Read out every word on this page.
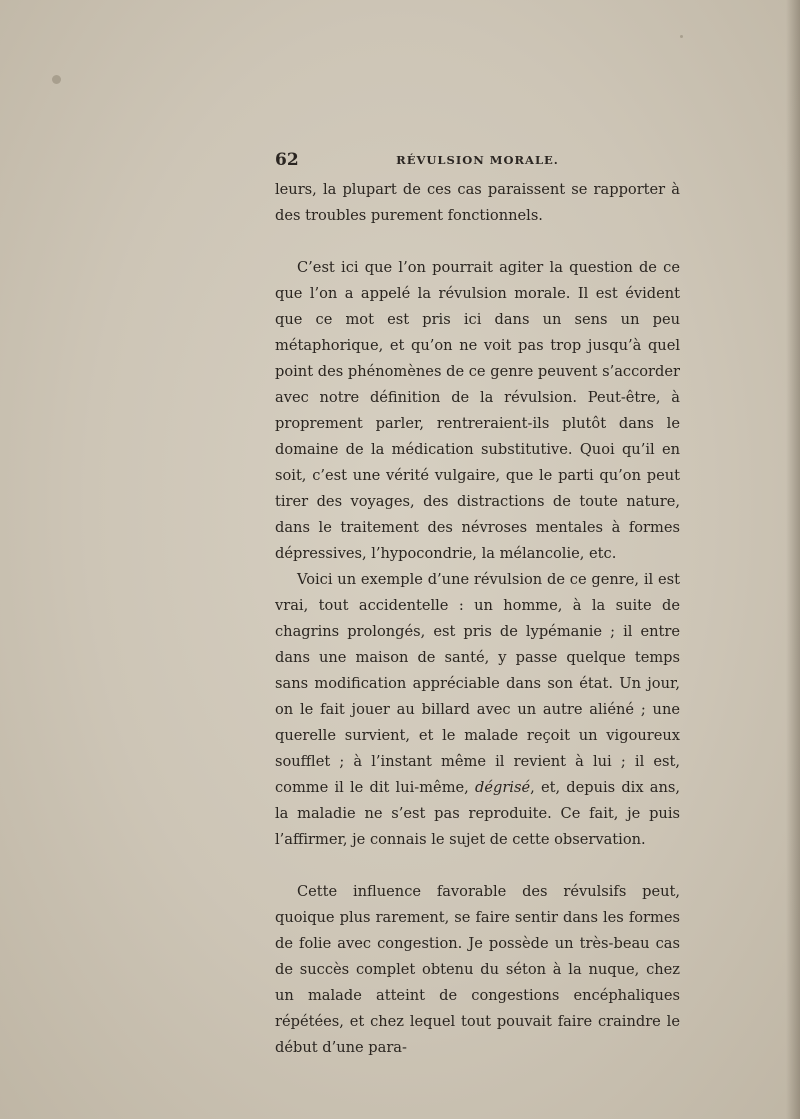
62	RÉVULSION MORALE.

leurs, la plupart de ces cas paraissent se rapporter à des troubles purement fonctionnels.

C’est ici que l’on pourrait agiter la question de ce que l’on a appelé la révulsion morale. Il est évident que ce mot est pris ici dans un sens un peu métaphorique, et qu’on ne voit pas trop jusqu’à quel point des phénomènes de ce genre peuvent s’accorder avec notre définition de la révulsion. Peut-être, à proprement parler, rentreraient-ils plutôt dans le domaine de la médication substitutive. Quoi qu’il en soit, c’est une vérité vulgaire, que le parti qu’on peut tirer des voyages, des distractions de toute nature, dans le traitement des névroses mentales à formes dépressives, l’hypocondrie, la mélancolie, etc.

Voici un exemple d’une révulsion de ce genre, il est vrai, tout accidentelle : un homme, à la suite de chagrins prolongés, est pris de lypémanie ; il entre dans une maison de santé, y passe quelque temps sans modification appréciable dans son état. Un jour, on le fait jouer au billard avec un autre aliéné ; une querelle survient, et le malade reçoit un vigoureux soufflet ; à l’instant même il revient à lui ; il est, comme il le dit lui-même, dégrisé, et, depuis dix ans, la maladie ne s’est pas reproduite. Ce fait, je puis l’affirmer, je connais le sujet de cette observation.

Cette influence favorable des révulsifs peut, quoique plus rarement, se faire sentir dans les formes de folie avec congestion. Je possède un très-beau cas de succès complet obtenu du séton à la nuque, chez un malade atteint de congestions encéphaliques répétées, et chez lequel tout pouvait faire craindre le début d’une para-
